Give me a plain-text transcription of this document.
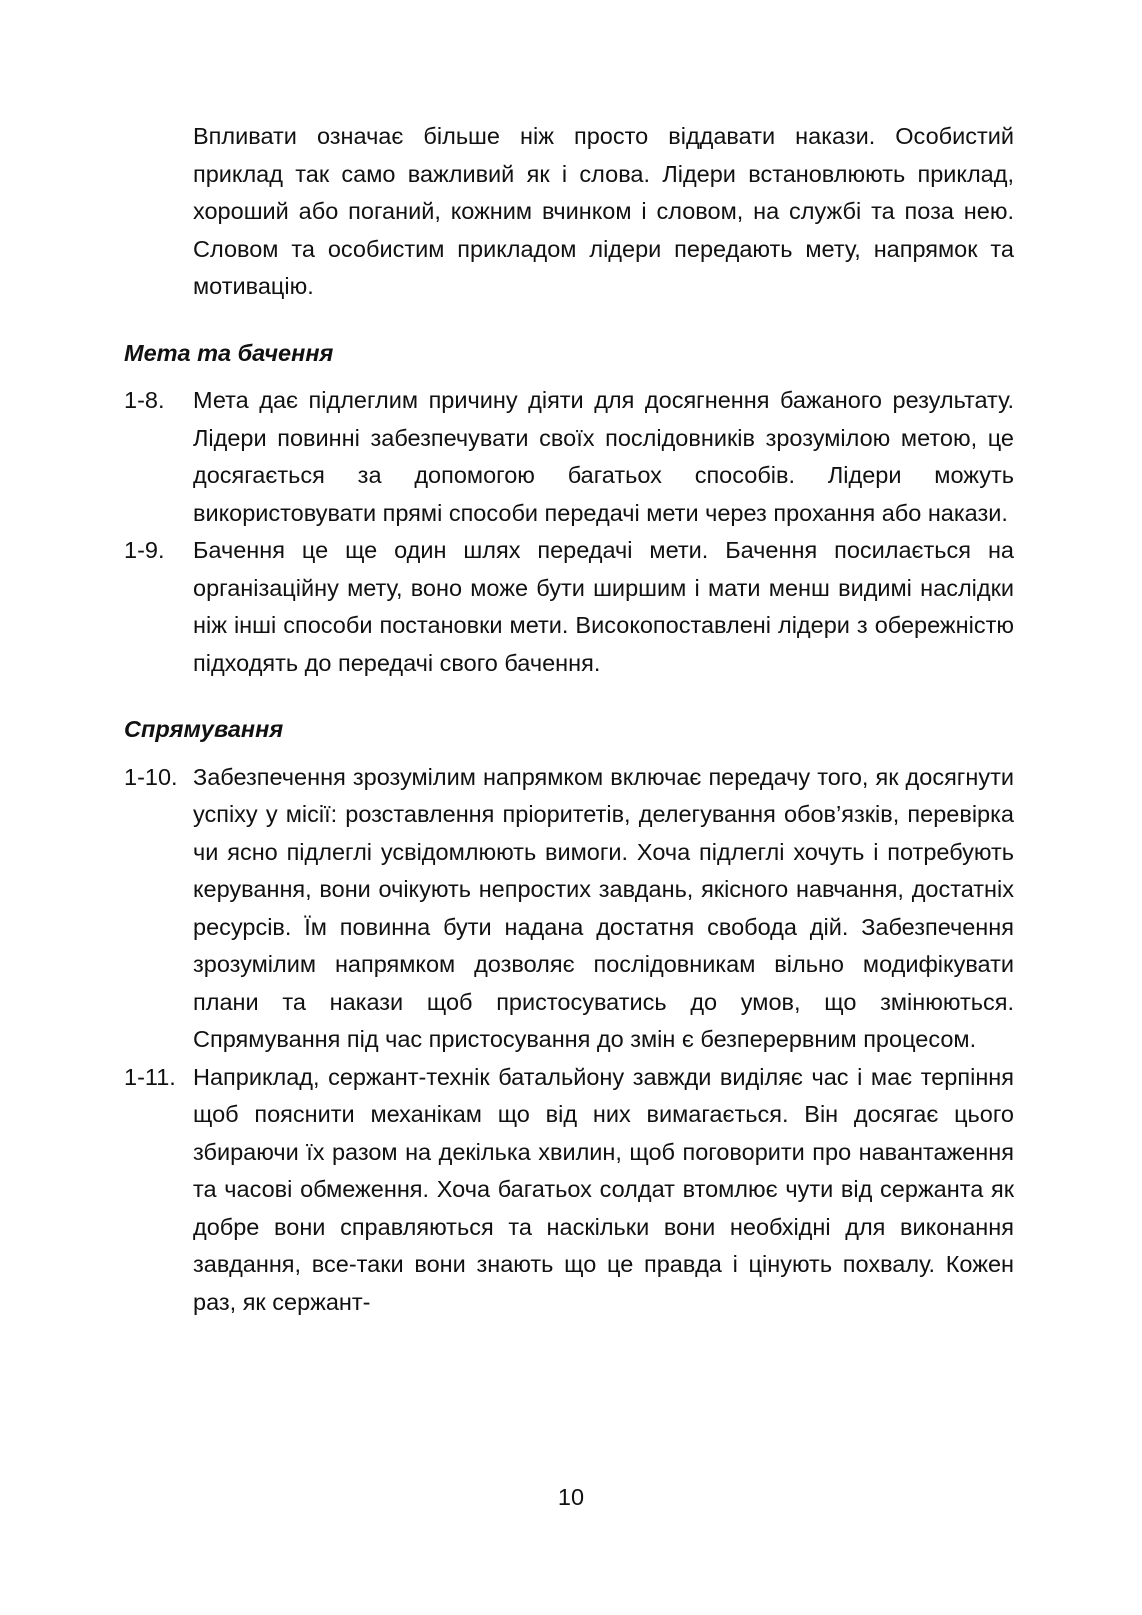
Впливати означає більше ніж просто віддавати накази. Особистий приклад так само важливий як і слова. Лідери встановлюють приклад, хороший або поганий, кожним вчинком і словом, на службі та поза нею. Словом та особистим прикладом лідери передають мету, напрямок та мотивацію.

Мета та бачення
1-8.	Мета дає підлеглим причину діяти для досягнення бажаного результату. Лідери повинні забезпечувати своїх послідовників зрозумілою метою, це досягається за допомогою багатьох способів. Лідери можуть використовувати прямі способи передачі мети через прохання або накази.

1-9.	Бачення це ще один шлях передачі мети. Бачення посилається на організаційну мету, воно може бути ширшим і мати менш видимі наслідки ніж інші способи постановки мети. Високопоставлені лідери з обережністю підходять до передачі свого бачення.

Спрямування
1-10. Забезпечення зрозумілим напрямком включає передачу того, як досягнути успіху у місії: розставлення пріоритетів, делегування обов’язків, перевірка чи ясно підлеглі усвідомлюють вимоги. Хоча підлеглі хочуть і потребують керування, вони очікують непростих завдань, якісного навчання, достатніх ресурсів. Їм повинна бути надана достатня свобода дій. Забезпечення зрозумілим напрямком дозволяє послідовникам вільно модифікувати плани та накази щоб пристосуватись до умов, що змінюються. Спрямування під час пристосування до змін є безперервним процесом.

1-11. Наприклад, сержант-технік батальйону завжди виділяє час і має терпіння щоб пояснити механікам що від них вимагається. Він досягає цього збираючи їх разом на декілька хвилин, щоб поговорити про навантаження та часові обмеження. Хоча багатьох солдат втомлює чути від сержанта як добре вони справляються та наскільки вони необхідні для виконання завдання, все-таки вони знають що це правда і цінують похвалу. Кожен раз, як сержант-

10
